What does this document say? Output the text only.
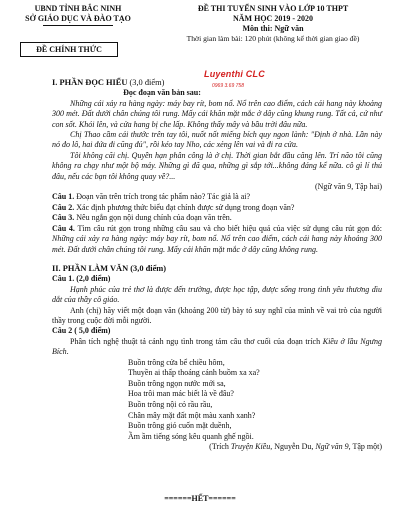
UBND TỈNH BẮC NINH
SỞ GIÁO DỤC VÀ ĐÀO TẠO
ĐỀ CHÍNH THỨC
ĐỀ THI TUYỂN SINH VÀO LỚP 10 THPT
NĂM HỌC 2019 - 2020
Môn thi: Ngữ văn
Thời gian làm bài: 120 phút (không kể thời gian giao đề)
Luyenthi CLC
0969 3.69 758

I. PHẦN ĐỌC HIỂU (3,0 điểm)

Đọc đoạn văn bản sau:

Những cái xảy ra hàng ngày: máy bay rít, bom nổ. Nổ trên cao điểm, cách cái hang này khoảng 300 mét. Đất dưới chân chúng tôi rung. Mấy cái khăn mặt mắc ở dây cũng khung rung. Tất cả, cứ như con sốt. Khói lên, và cửa hang bị che lấp. Không thấy mây và bầu trời đâu nữa.

Chị Thao cầm cái thước trên tay tôi, nuốt nốt miếng bích quy ngon lành: "Định ở nhà. Lần này nó đo lô, hai đứa đi cũng đủ", rồi kéo tay Nho, các xẻng lên vai và đi ra cửa.

Tôi không cãi chị. Quyền hạn phân công là ở chị. Thời gian bắt đầu căng lên. Trí não tôi cũng không ra chạy như một bộ máy. Những gì đã qua, những gì sắp tới...không đáng kể nữa. cô gì lí thú đâu, nếu các bạn tôi không quay về?...

(Ngữ văn 9, Tập hai)

Câu 1. Đoạn văn trên trích trong tác phẩm nào? Tác giả là ai?

Câu 2. Xác định phương thức biểu đạt chính được sử dụng trong đoạn văn?

Câu 3. Nêu ngắn gọn nội dung chính của đoạn văn trên.

Câu 4. Tìm câu rút gọn trong những câu sau và cho biết hiệu quả của việc sử dụng câu rút gọn đó: Những cái xảy ra hàng ngày: máy bay rít, bom nổ. Nổ trên cao điểm, cách cái hang này khoảng 300 mét. Đất dưới chân chúng tôi rung. Mấy cái khăn mặt mắc ở dây cũng không rung.

II. PHẦN LÀM VĂN (3,0 điểm)

Câu 1. (2,0 điểm)

Hạnh phúc của trẻ thơ là được đến trường, được học tập, được sống trong tình yêu thương dìu dắt của thầy cô giáo.

Anh (chị) hãy viết một đoạn văn (khoảng 200 từ) bày tỏ suy nghĩ của mình về vai trò của người thầy trong cuộc đời mỗi người.

Câu 2 ( 5,0 điểm)

Phân tích nghệ thuật tả cảnh ngụ tình trong tám câu thơ cuối của đoạn trích Kiều ở lầu Ngưng Bích.

Buồn trông cửa bể chiều hôm,
Thuyền ai thấp thoáng cánh buồm xa xa?
Buồn trông ngọn nước mới sa,
Hoa trôi man mác biết là về đâu?
Buồn trông nội cỏ rầu rầu,
Chân mây mặt đất một màu xanh xanh?
Buồn trông gió cuốn mặt duềnh,
Ầm ầm tiếng sóng kêu quanh ghế ngồi.

(Trích Truyện Kiều, Nguyễn Du, Ngữ văn 9, Tập một)

======HẾT======
